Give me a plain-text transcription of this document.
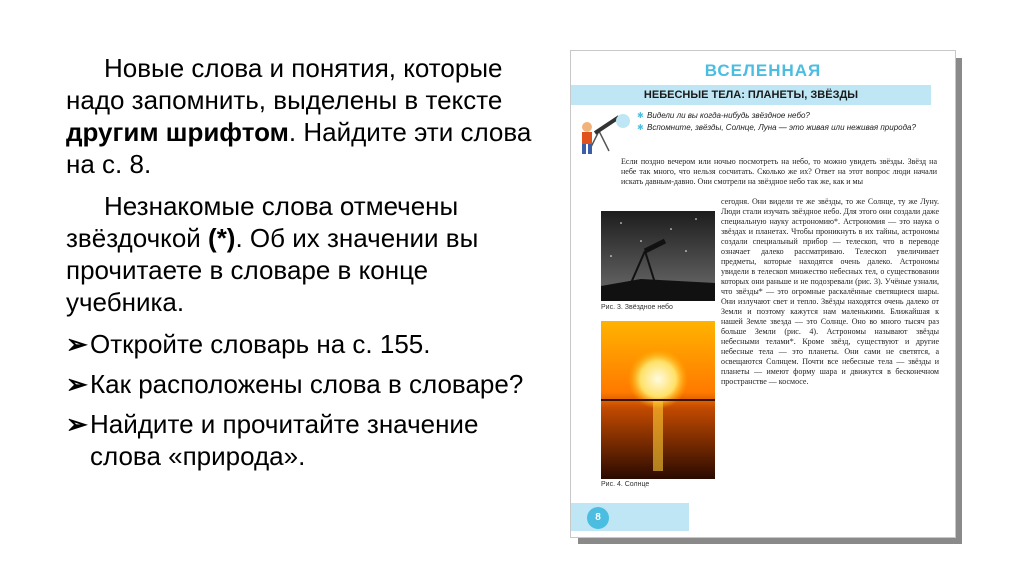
Новые слова и понятия, которые надо запомнить, выделены в тексте другим шрифтом. Найдите эти слова на с. 8.

Незнакомые слова отмечены звёздочкой (*). Об их значении вы прочитаете в словаре в конце учебника.

➢ Откройте словарь на с. 155.

➢ Как расположены слова в словаре?

➢ Найдите и прочитайте значение слова «природа».

ВСЕЛЕННАЯ
НЕБЕСНЫЕ ТЕЛА: ПЛАНЕТЫ, ЗВЁЗДЫ
✱ Видели ли вы когда-нибудь звёздное небо?
✱ Вспомните, звёзды, Солнце, Луна — это живая или неживая природа?
Если поздно вечером или ночью посмотреть на небо, то можно увидеть звёзды. Звёзд на небе так много, что нельзя сосчитать. Сколько же их? Ответ на этот вопрос люди начали искать давным-давно. Они смотрели на звёздное небо так же, как и мы
Рис. 3. Звёздное небо
Рис. 4. Солнце
сегодня. Они видели те же звёзды, то же Солнце, ту же Луну. Люди стали изучать звёздное небо. Для этого они создали даже специальную науку астрономию*. Астрономия — это наука о звёздах и планетах. Чтобы проникнуть в их тайны, астрономы создали специальный прибор — телескоп, что в переводе означает далеко рассматриваю. Телескоп увеличивает предметы, которые находятся очень далеко. Астрономы увидели в телескоп множество небесных тел, о существовании которых они раньше и не подозревали (рис. 3). Учёные узнали, что звёзды* — это огромные раскалённые светящиеся шары. Они излучают свет и тепло. Звёзды находятся очень далеко от Земли и поэтому кажутся нам маленькими. Ближайшая к нашей Земле звезда — это Солнце. Оно во много тысяч раз больше Земли (рис. 4). Астрономы называют звёзды небесными телами*. Кроме звёзд, существуют и другие небесные тела — это планеты. Они сами не светятся, а освещаются Солнцем. Почти все небесные тела — звёзды и планеты — имеют форму шара и движутся в бесконечном пространстве — космосе.
8
